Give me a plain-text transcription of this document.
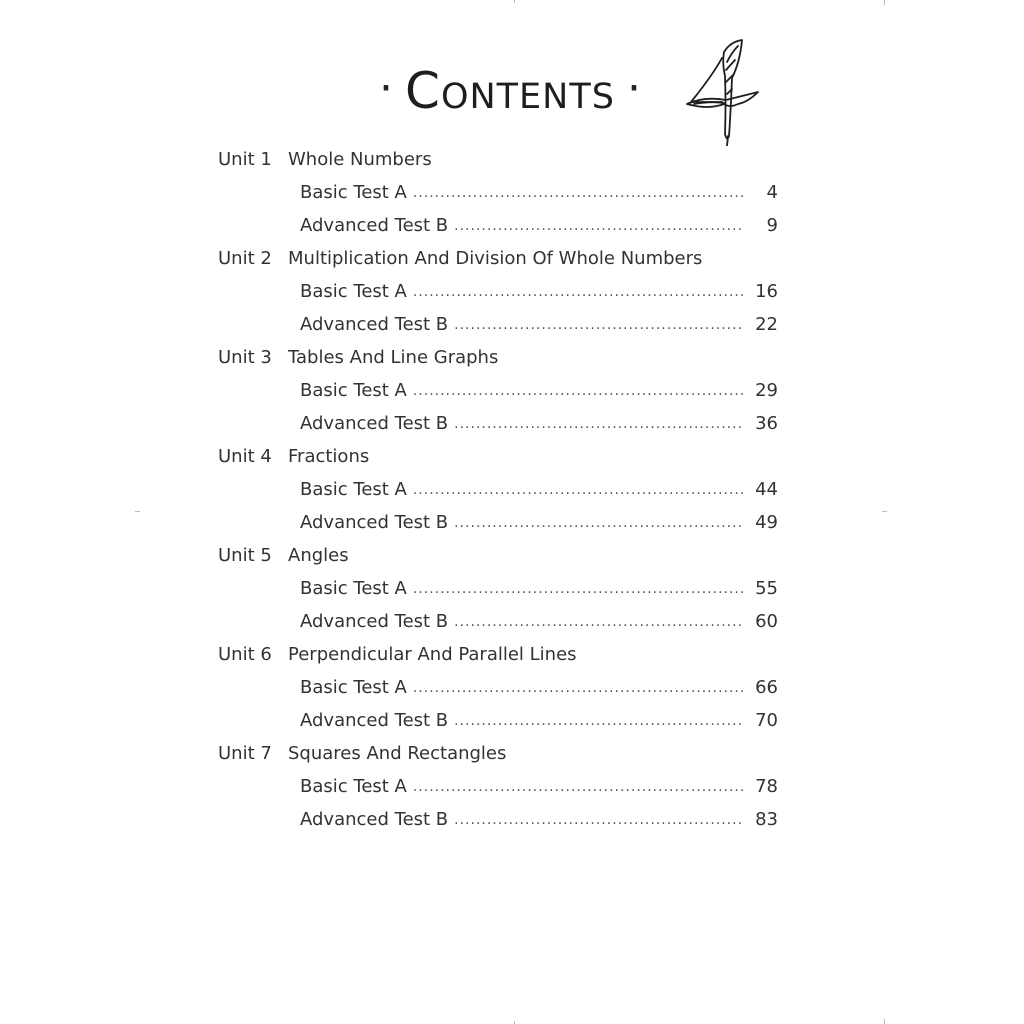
· Contents ·
Unit 1 Whole Numbers
Basic Test A .....	4
Advanced Test B .....	9
Unit 2 Multiplication And Division Of Whole Numbers
Basic Test A .....	16
Advanced Test B .....	22
Unit 3 Tables And Line Graphs
Basic Test A .....	29
Advanced Test B .....	36
Unit 4 Fractions
Basic Test A .....	44
Advanced Test B .....	49
Unit 5 Angles
Basic Test A .....	55
Advanced Test B .....	60
Unit 6 Perpendicular And Parallel Lines
Basic Test A .....	66
Advanced Test B .....	70
Unit 7 Squares And Rectangles
Basic Test A .....	78
Advanced Test B .....	83
